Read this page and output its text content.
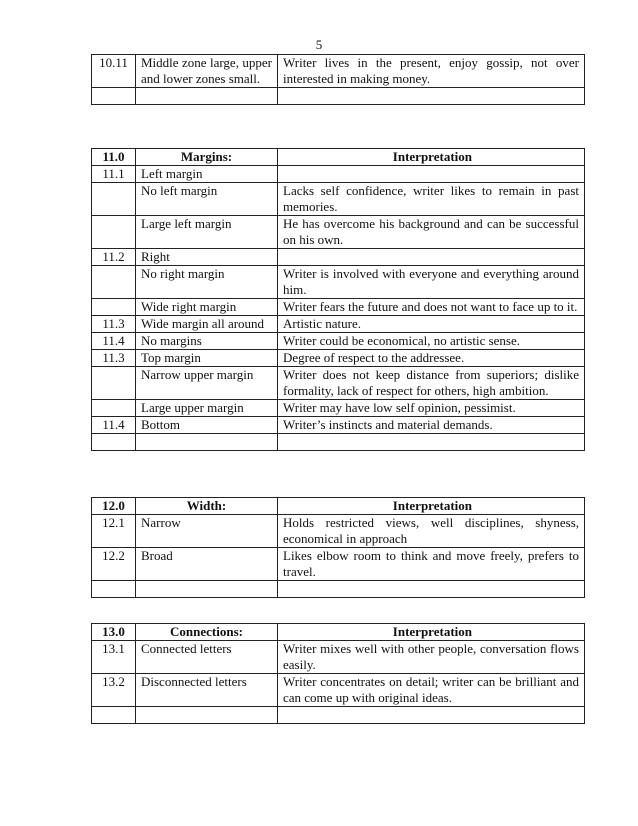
5
10.11	Middle zone large, upper and lower zones small.	Writer lives in the present, enjoy gossip, not over interested in making money.

11.0	Margins:	Interpretation
11.1	Left margin	
	No left margin	Lacks self confidence, writer likes to remain in past memories.
	Large left margin	He has overcome his background and can be successful on his own.
11.2	Right	
	No right margin	Writer is involved with everyone and everything around him.
	Wide right margin	Writer fears the future and does not want to face up to it.
11.3	Wide margin all around	Artistic nature.
11.4	No margins	Writer could be economical, no artistic sense.
11.3	Top margin	Degree of respect to the addressee.
	Narrow upper margin	Writer does not keep distance from superiors; dislike formality, lack of respect for others, high ambition.
	Large upper margin	Writer may have low self opinion, pessimist.
11.4	Bottom	Writer’s instincts and material demands.

12.0	Width:	Interpretation
12.1	Narrow	Holds restricted views, well disciplines, shyness, economical in approach
12.2	Broad	Likes elbow room to think and move freely, prefers to travel.

13.0	Connections:	Interpretation
13.1	Connected letters	Writer mixes well with other people, conversation flows easily.
13.2	Disconnected letters	Writer concentrates on detail; writer can be brilliant and can come up with original ideas.
